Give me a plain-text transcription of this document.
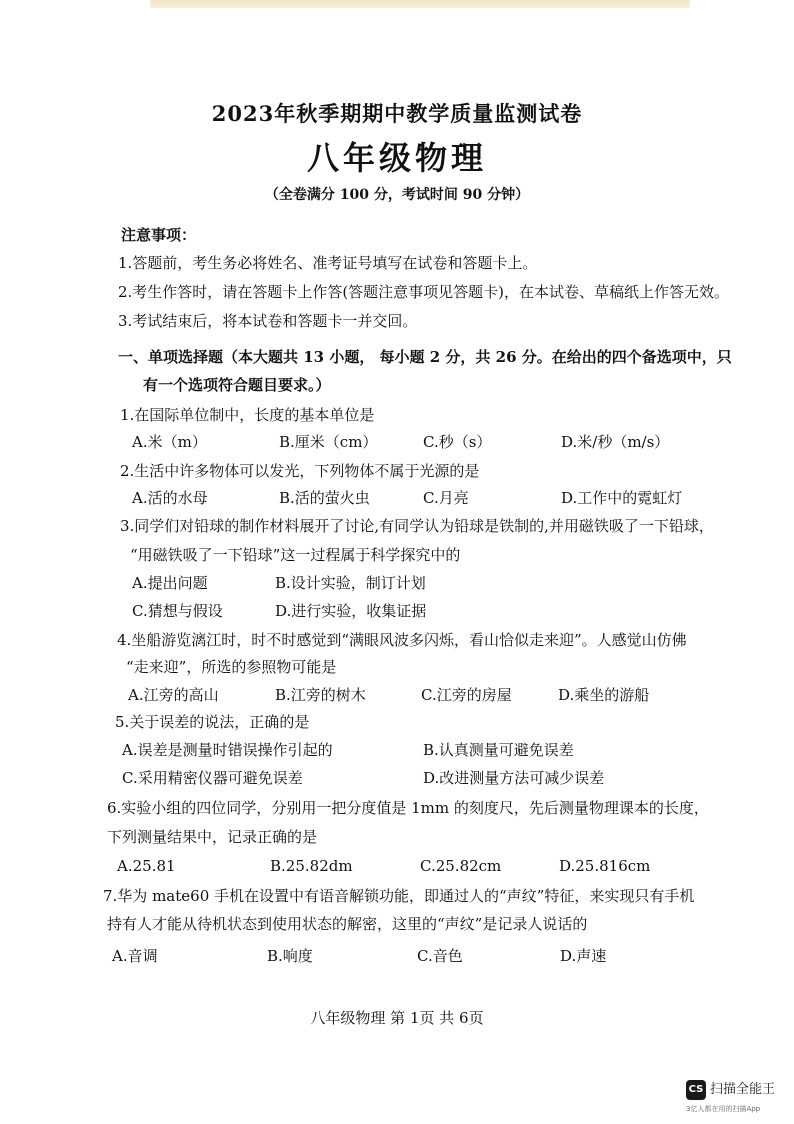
2023年秋季期期中教学质量监测试卷
八年级物理
（全卷满分 100 分，考试时间 90 分钟）
注意事项：
1.答题前，考生务必将姓名、准考证号填写在试卷和答题卡上。
2.考生作答时，请在答题卡上作答(答题注意事项见答题卡)，在本试卷、草稿纸上作答无效。
3.考试结束后，将本试卷和答题卡一并交回。
一、单项选择题（本大题共 13 小题， 每小题 2 分，共 26 分。在给出的四个备选项中，只
有一个选项符合题目要求。）
1.在国际单位制中，长度的基本单位是
A.米（m）	B.厘米（cm）	C.秒（s）	D.米/秒（m/s）
2.生活中许多物体可以发光，下列物体不属于光源的是
A.活的水母	B.活的萤火虫	C.月亮	D.工作中的霓虹灯
3.同学们对铅球的制作材料展开了讨论,有同学认为铅球是铁制的,并用磁铁吸了一下铅球，
“用磁铁吸了一下铅球”这一过程属于科学探究中的
A.提出问题	B.设计实验，制订计划
C.猜想与假设	D.进行实验，收集证据
4.坐船游览漓江时，时不时感觉到“满眼风波多闪烁，看山恰似走来迎”。人感觉山仿佛
“走来迎”，所选的参照物可能是
A.江旁的高山	B.江旁的树木	C.江旁的房屋	D.乘坐的游船
5.关于误差的说法，正确的是
A.误差是测量时错误操作引起的	B.认真测量可避免误差
C.采用精密仪器可避免误差	D.改进测量方法可减少误差
6.实验小组的四位同学，分别用一把分度值是 1mm 的刻度尺，先后测量物理课本的长度，
下列测量结果中，记录正确的是
A.25.81	B.25.82dm	C.25.82cm	D.25.816cm
7.华为 mate60 手机在设置中有语音解锁功能，即通过人的“声纹”特征，来实现只有手机
持有人才能从待机状态到使用状态的解密，这里的“声纹”是记录人说话的
A.音调	B.响度	C.音色	D.声速
八年级物理 第 1页 共 6页
CS 扫描全能王
3亿人都在用的扫描App
